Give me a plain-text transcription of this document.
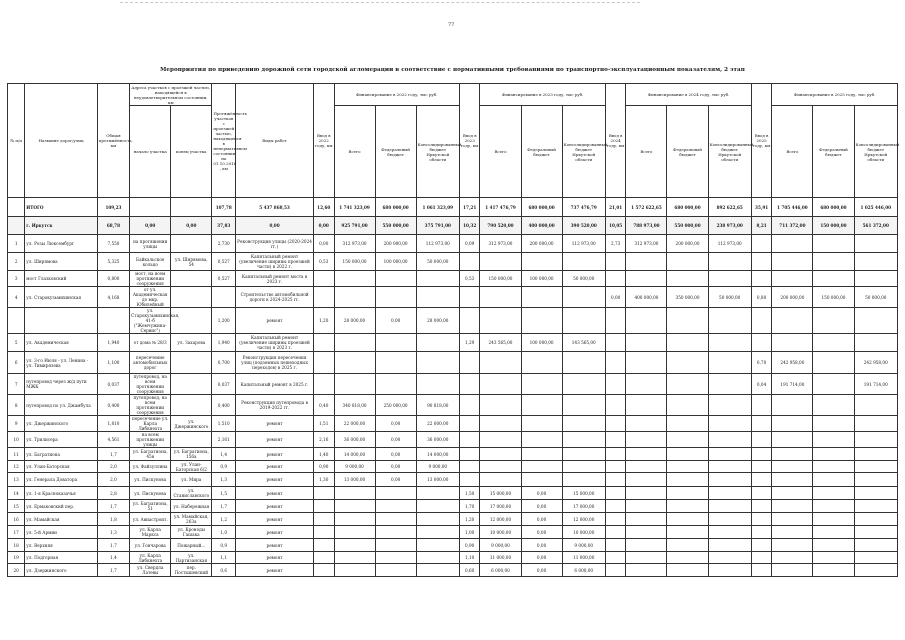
77
Мероприятия по приведению дорожной сети городской агломерации в соответствие с нормативными требованиями по транспортно-эксплуатационным показателям, 2 этап
№ п/п	Название дорог/улиц	Общая протяжённость, км	Адреса участков с проезжей частью, находящейся в неудовлетворительном состоянии, км		Протяжённость участков с проезжей частью, находящейся в ненормативном состоянии на 01.10.2016 , км	Виды работ	Ввод в 2022 году, км	Финансирование в 2022 году, тыс руб.			Ввод в 2023 году, км	Финансирование в 2023 году, тыс руб.			Ввод в 2024 году, км	Финансирование в 2024 году, тыс руб.			Ввод в 2025 году, км	Финансирование в 2025 году, тыс руб.		
			начало участка	конец участка				Всего	Федеральный бюджет	Консолидированный бюджет Иркутской области		Всего	Федеральный бюджет	Консолидированный бюджет Иркутской области		Всего	Федеральный бюджет	Консолидированный бюджет Иркутской области		Всего	Федеральный бюджет	Консолидированный бюджет Иркутской области
	ИТОГО	109,23			107,78	5 437 868,53	12,60	1 741 323,09	680 000,00	1 061 323,09	17,21	1 417 476,79	680 000,00	737 476,79	21,01	1 572 622,65	680 000,00	892 622,65	35,91	1 705 446,00	680 000,00	1 025 446,00
	г. Иркутск	68,78	0,00	0,00	37,83	0,00	0,00	925 791,00	550 000,00	375 791,00	10,32	790 520,00	400 000,00	390 520,00	10,05	788 973,00	550 000,00	238 973,00	8,21	711 372,00	150 000,00	561 372,00
1	ул. Розы Люксембург	7,550	на протяжении улицы		2,730	Реконструкция улицы (2020-2024 гг.)	0,00	312 973,00	200 000,00	112 973,00	0,09	312 973,00	200 000,00	112 973,00	2,73	312 973,00	200 000,00	112 973,00				
2	ул. Ширямова	5,325	Байкальское кольцо	ул. Ширямова, 54	0,527	Капитальный ремонт (увеличение ширины проезжей части) в 2022 г.	0,53	150 000,00	100 000,00	50 000,00												
3	мост Глазковский	0,800	мост, на всем протяжении сооружения		0,527	Капитальный ремонт моста в 2023 г.					0,53	150 000,00	100 000,00	50 000,00								
4	ул. Старокузьмихинская	4,168	от ул. Академическая до мкр. Юбилейный			Строительство автомобильной дороги в 2024-2025 гг.									0,00	400 000,00	350 000,00	50 000,00	0,80	200 000,00	150 000,00	50 000,00
			ул. Старокузьмихинская, 41-б ("Жемчужина-Сервис")		1,200	ремонт	1,20	28 000,00	0,00	28 000,00												
5	ул. Академическая	1,940	от дома № 28/3	ул. Захарова	1,940	Капитальный ремонт (увеличение ширины проезжей части) в 2023 г.					1,29	243 565,00	100 000,00	143 565,00								
6	ул. 3-го Июля - ул. Ленина - ул. Тимирязева	1,100	пересечение автомобильных дорог		0,700	Реконструкция пересечения улиц (подземных пешеходных переходов) в 2025 г.													0,70	242 958,00		242 958,00
7	путепровод через ж/д пути МЖК	0,037	путепровод, на всем протяжении сооружения		0,037	Капитальный ремонт в 2025 г.													0,04	191 714,00		191 714,00
8	путепровод по ул. Джамбула	0,400	путепровод, на всем протяжении сооружения		0,400	Реконструкция путепровода в 2019-2022 гг.	0,40	340 818,00	250 000,00	90 818,00												
9	ул. Джержинского	1,810	пересечение ул. Карла Либкнехта	ул. Джержинского	1,510	ремонт	1,51	22 000,00	0,00	22 000,00												
10	ул. Трилисера	4,561	на всем протяжении улицы		2,161	ремонт	2,16	36 000,00	0,00	36 000,00												
11	ул. Багратиона	1,7	ул. Багратиона, 45в	ул. Багратиона, 156а	1,4	ремонт	1,40	14 000,00	0,00	14 000,00												
12	ул. Улан-Баторская	2,0	ул. Файзуллина	ул. Улан-Баторская 6/2	0,9	ремонт	0,90	9 000,00	0,00	9 000,00												
13	ул. Генерала Доватора	2,0	ул. Пискунова	ул. Мира	1,3	ремонт	1,30	13 000,00	0,00	13 000,00												
14	ул. 1-я Красноказачья	2,8	ул. Пискунова	ул. Станиславского	1,5	ремонт					1,50	15 000,00	0,00	15 000,00								
15	ул. Ермаковский пер.	1,7	ул. Багратиона, 51	ул. Набережная	1,7	ремонт					1,70	17 000,00	0,00	17 000,00								
16	ул. Мамайская	1,8	ул. Авиастроит.	ул. Мамайская, 263а	1,2	ремонт					1,20	12 000,00	0,00	12 000,00								
17	ул. 5-й Армии	1,3	ул. Карла Маркса	ул. Кроноды Гашака	1,0	ремонт					1,00	10 000,00	0,00	10 000,00								
18	ул. Верхняя	1,7	ул. Гончарова	Пожарный...	0,9	ремонт					0,90	9 000,00	0,00	9 000,00								
19	ул. Подгорная	1,4	ул. Карла Либкнехта	ул. Партизанская	1,1	ремонт					1,10	11 000,00	0,00	11 000,00								
20	ул. Дзержинского	1,7	ул. Свердла Латевы	пер. Постышевский	0,6	ремонт					0,60	6 000,00	0,00	6 000,00								
